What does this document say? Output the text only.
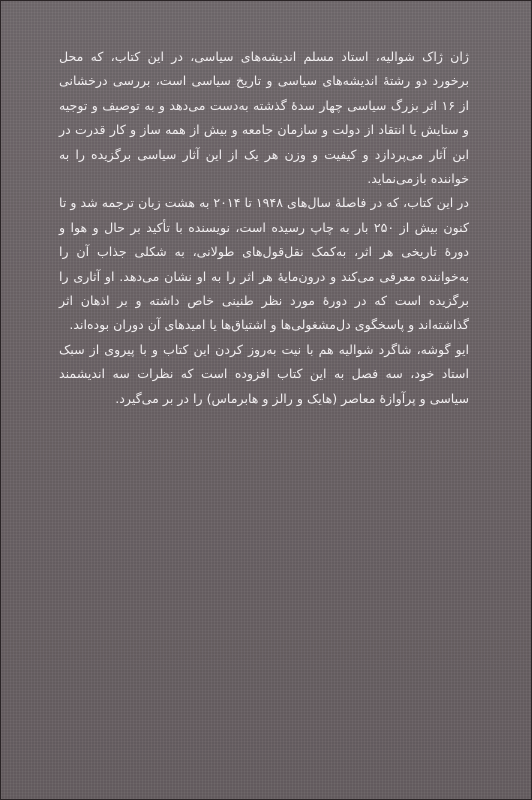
ژان ژاک شوالیه، استاد مسلم اندیشه‌های سیاسی، در این کتاب، که محل برخورد دو رشتهٔ اندیشه‌های سیاسی و تاریخ سیاسی است، بررسی درخشانی از ۱۶ اثر بزرگ سیاسی چهار سدهٔ گذشته به‌دست می‌دهد و به توصیف و توجیه و ستایش یا انتقاد از دولت و سازمان جامعه و بیش از همه ساز و کار قدرت در این آثار می‌پردازد و کیفیت و وزن هر یک از این آثار سیاسی برگزیده را به خواننده بازمی‌نماید.

در این کتاب، که در فاصلهٔ سال‌های ۱۹۴۸ تا ۲۰۱۴ به هشت زبان ترجمه شد و تا کنون بیش از ۲۵۰ بار به چاپ رسیده است، نویسنده با تأکید بر حال و هوا و دورهٔ تاریخی هر اثر، به‌کمک نقل‌قول‌های طولانی، به شکلی جذاب آن را به‌خواننده معرفی می‌کند و درون‌مایهٔ هر اثر را به او نشان می‌دهد. او آثاری را برگزیده است که در دورهٔ مورد نظر طنینی خاص داشته و بر اذهان اثر گذاشته‌اند و پاسخگوی دل‌مشغولی‌ها و اشتیاق‌ها یا امیدهای آن دوران بوده‌اند.

ایو گوشه، شاگرد شوالیه هم با نیت به‌روز کردن این کتاب و با پیروی از سبک استاد خود، سه فصل به این کتاب افزوده است که نظرات سه اندیشمند سیاسی و پرآوازهٔ معاصر (هایک و رالز و هابرماس) را در بر می‌گیرد.
